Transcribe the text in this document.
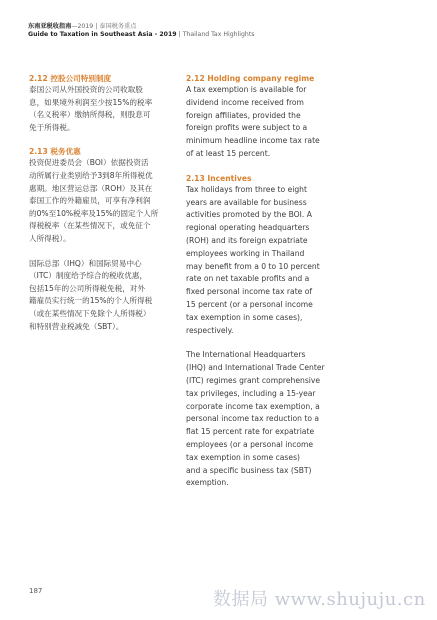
东南亚税收指南—2019 | 泰国税务重点
Guide to Taxation in Southeast Asia - 2019 | Thailand Tax Highlights

2.12 控股公司特别制度

泰国公司从外国投资的公司收取股
息，如果境外利润至少按15%的税率
（名义税率）缴纳所得税，则股息可
免于所得税。

2.13 税务优惠

投资促进委员会（BOI）依据投资活
动所属行业类别给予3到8年所得税优
惠期。地区营运总部（ROH）及其在
泰国工作的外籍雇员，可享有净利润
的0%至10%税率及15%的固定个人所
得税税率（在某些情况下，或免征个
人所得税）。

国际总部（IHQ）和国际贸易中心
（ITC）制度给予综合的税收优惠，
包括15年的公司所得税免税，对外
籍雇员实行统一的15%的个人所得税
（或在某些情况下免除个人所得税）
和特别营业税减免（SBT）。

2.12 Holding company regime

A tax exemption is available for
dividend income received from
foreign affiliates, provided the
foreign profits were subject to a
minimum headline income tax rate
of at least 15 percent.

2.13 Incentives

Tax holidays from three to eight
years are available for business
activities promoted by the BOI. A
regional operating headquarters
(ROH) and its foreign expatriate
employees working in Thailand
may benefit from a 0 to 10 percent
rate on net taxable profits and a
fixed personal income tax rate of
15 percent (or a personal income
tax exemption in some cases),
respectively.

The International Headquarters
(IHQ) and International Trade Center
(ITC) regimes grant comprehensive
tax privileges, including a 15-year
corporate income tax exemption, a
personal income tax reduction to a
flat 15 percent rate for expatriate
employees (or a personal income
tax exemption in some cases)
and a specific business tax (SBT)
exemption.

187	数据局 www.shujuju.cn
